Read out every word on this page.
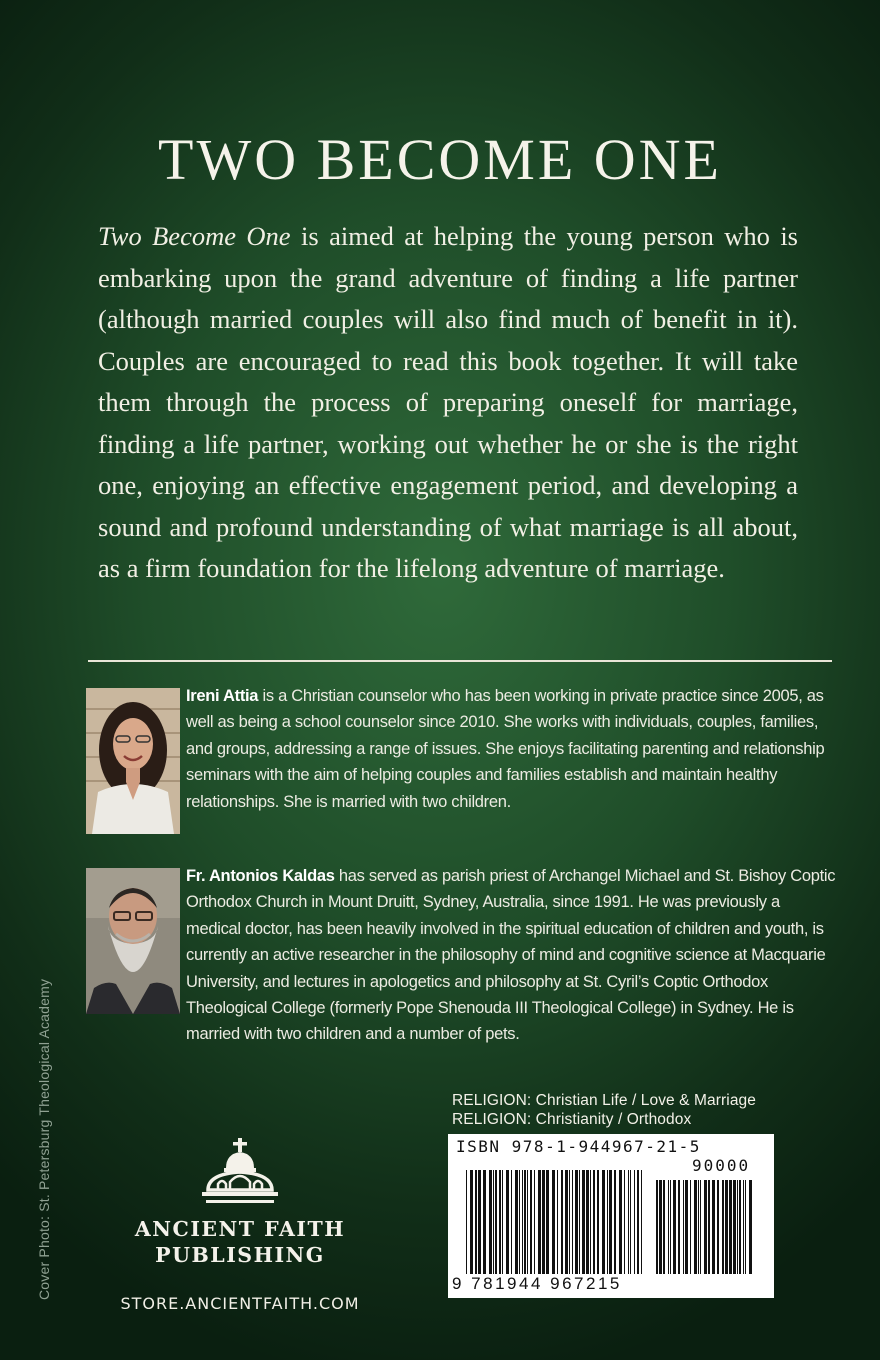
TWO BECOME ONE

Two Become One is aimed at helping the young person who is embarking upon the grand adventure of finding a life partner (although married couples will also find much of benefit in it). Couples are encouraged to read this book together. It will take them through the process of preparing oneself for marriage, finding a life partner, working out whether he or she is the right one, enjoying an effective engagement period, and developing a sound and profound understanding of what marriage is all about, as a firm foundation for the lifelong adventure of marriage.

Ireni Attia is a Christian counselor who has been working in private practice since 2005, as well as being a school counselor since 2010. She works with individuals, couples, families, and groups, addressing a range of issues. She enjoys facilitating parenting and relationship seminars with the aim of helping couples and families establish and maintain healthy relationships. She is married with two children.

Fr. Antonios Kaldas has served as parish priest of Archangel Michael and St. Bishoy Coptic Orthodox Church in Mount Druitt, Sydney, Australia, since 1991. He was previously a medical doctor, has been heavily involved in the spiritual education of children and youth, is currently an active researcher in the philosophy of mind and cognitive science at Macquarie University, and lectures in apologetics and philosophy at St. Cyril’s Coptic Orthodox Theological College (formerly Pope Shenouda III Theological College) in Sydney. He is married with two children and a number of pets.

Cover Photo: St. Petersburg Theological Academy	ANCIENT FAITH
PUBLISHING
STORE.ANCIENTFAITH.COM
RELIGION: Christian Life / Love & Marriage
RELIGION: Christianity / Orthodox
ISBN 978-1-944967-21-5
90000
9 781944 967215
